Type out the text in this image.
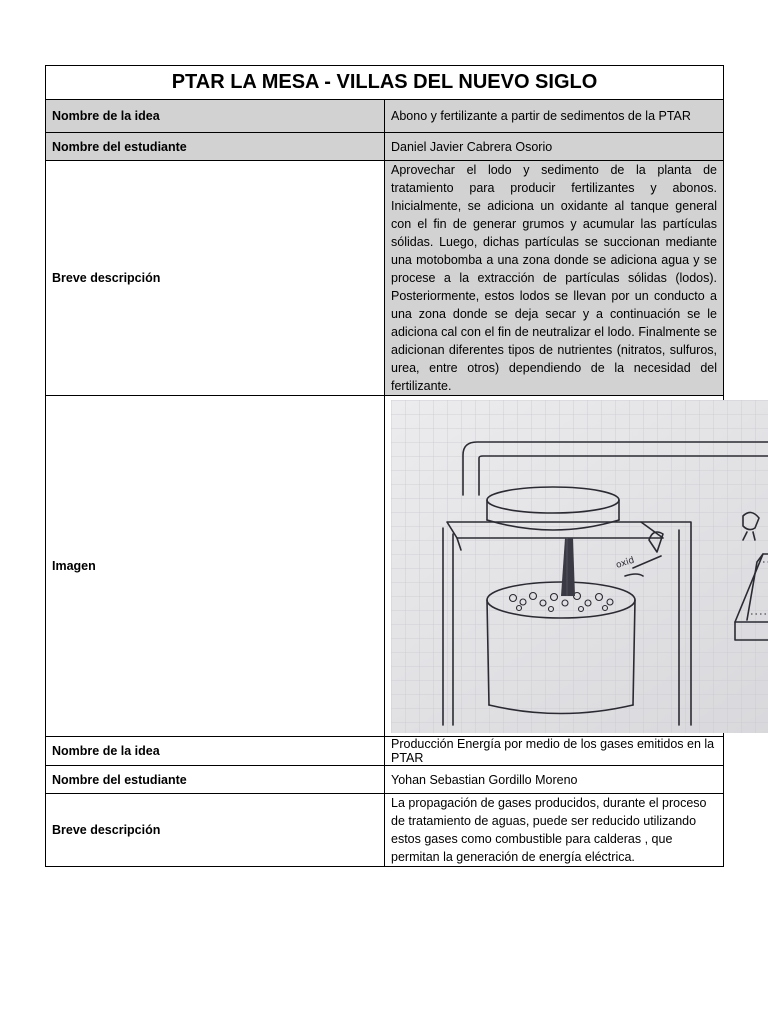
PTAR LA MESA - VILLAS DEL NUEVO SIGLO	
Nombre de la idea	Abono y fertilizante a partir de sedimentos de la PTAR
Nombre del estudiante	Daniel Javier Cabrera Osorio
Breve descripción	Aprovechar el lodo y sedimento de la planta de tratamiento para producir fertilizantes y abonos. Inicialmente, se adiciona un oxidante al tanque general con el fin de generar grumos y acumular las partículas sólidas. Luego, dichas partículas se succionan mediante una motobomba a una zona donde se adiciona agua y se procese a la extracción de partículas sólidas (lodos). Posteriormente, estos lodos se llevan por un conducto a una zona donde se deja secar y a continuación se le adiciona cal con el fin de neutralizar el lodo. Finalmente se adicionan diferentes tipos de nutrientes (nitratos, sulfuros, urea, entre otros) dependiendo de la necesidad del fertilizante.
Imagen	oxid

Nombre de la idea	Producción Energía por medio de los gases emitidos en la PTAR
Nombre del estudiante	Yohan Sebastian Gordillo Moreno
Breve descripción	La propagación de gases producidos, durante el proceso de tratamiento de aguas, puede ser reducido utilizando estos gases como combustible para calderas , que permitan la generación de energía eléctrica.
